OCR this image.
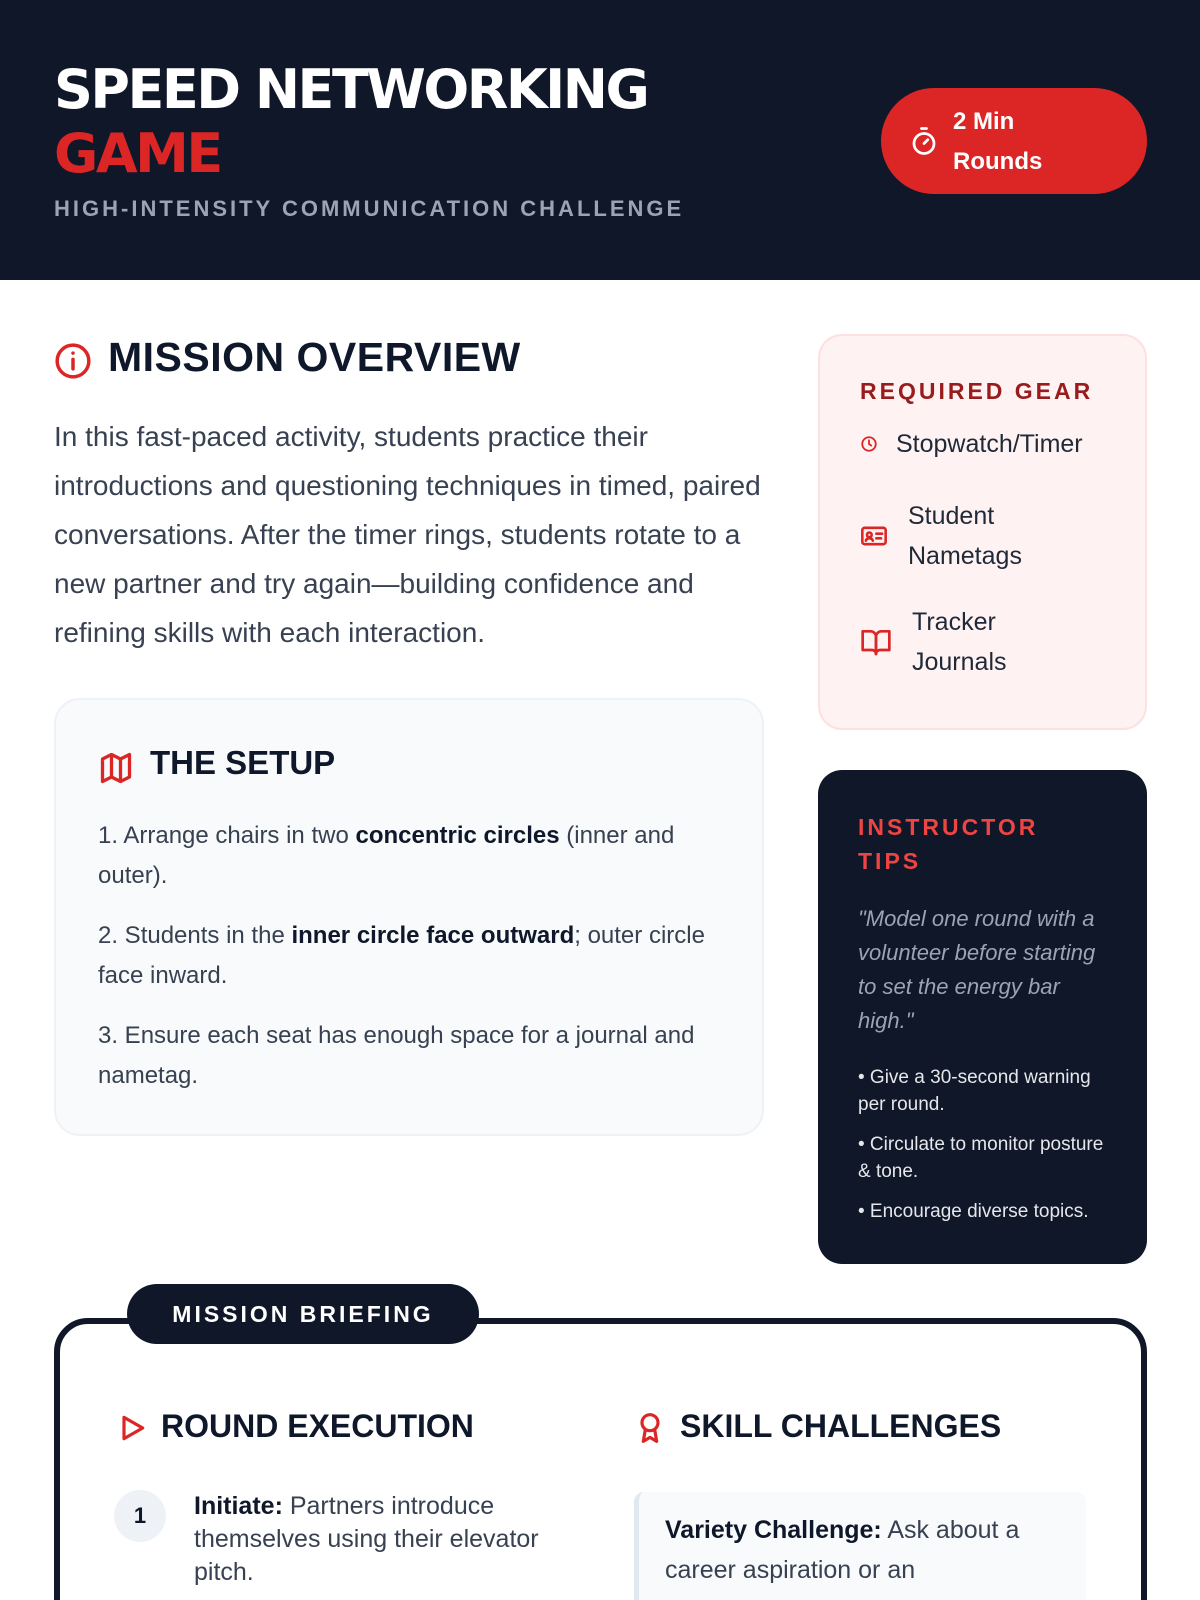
SPEED NETWORKING
GAME
HIGH-INTENSITY COMMUNICATION CHALLENGE
2 Min
Rounds
MISSION OVERVIEW
In this fast-paced activity, students practice their introductions and questioning techniques in timed, paired conversations. After the timer rings, students rotate to a new partner and try again—building confidence and refining skills with each interaction.
THE SETUP
1. Arrange chairs in two concentric circles (inner and outer).
2. Students in the inner circle face outward; outer circle face inward.
3. Ensure each seat has enough space for a journal and nametag.
REQUIRED GEAR
Stopwatch/Timer
Student Nametags
Tracker Journals
INSTRUCTOR TIPS
"Model one round with a volunteer before starting to set the energy bar high."
• Give a 30-second warning per round.
• Circulate to monitor posture & tone.
• Encourage diverse topics.
MISSION BRIEFING
ROUND EXECUTION
1	Initiate: Partners introduce themselves using their elevator pitch.
SKILL CHALLENGES
Variety Challenge: Ask about a career aspiration or an
